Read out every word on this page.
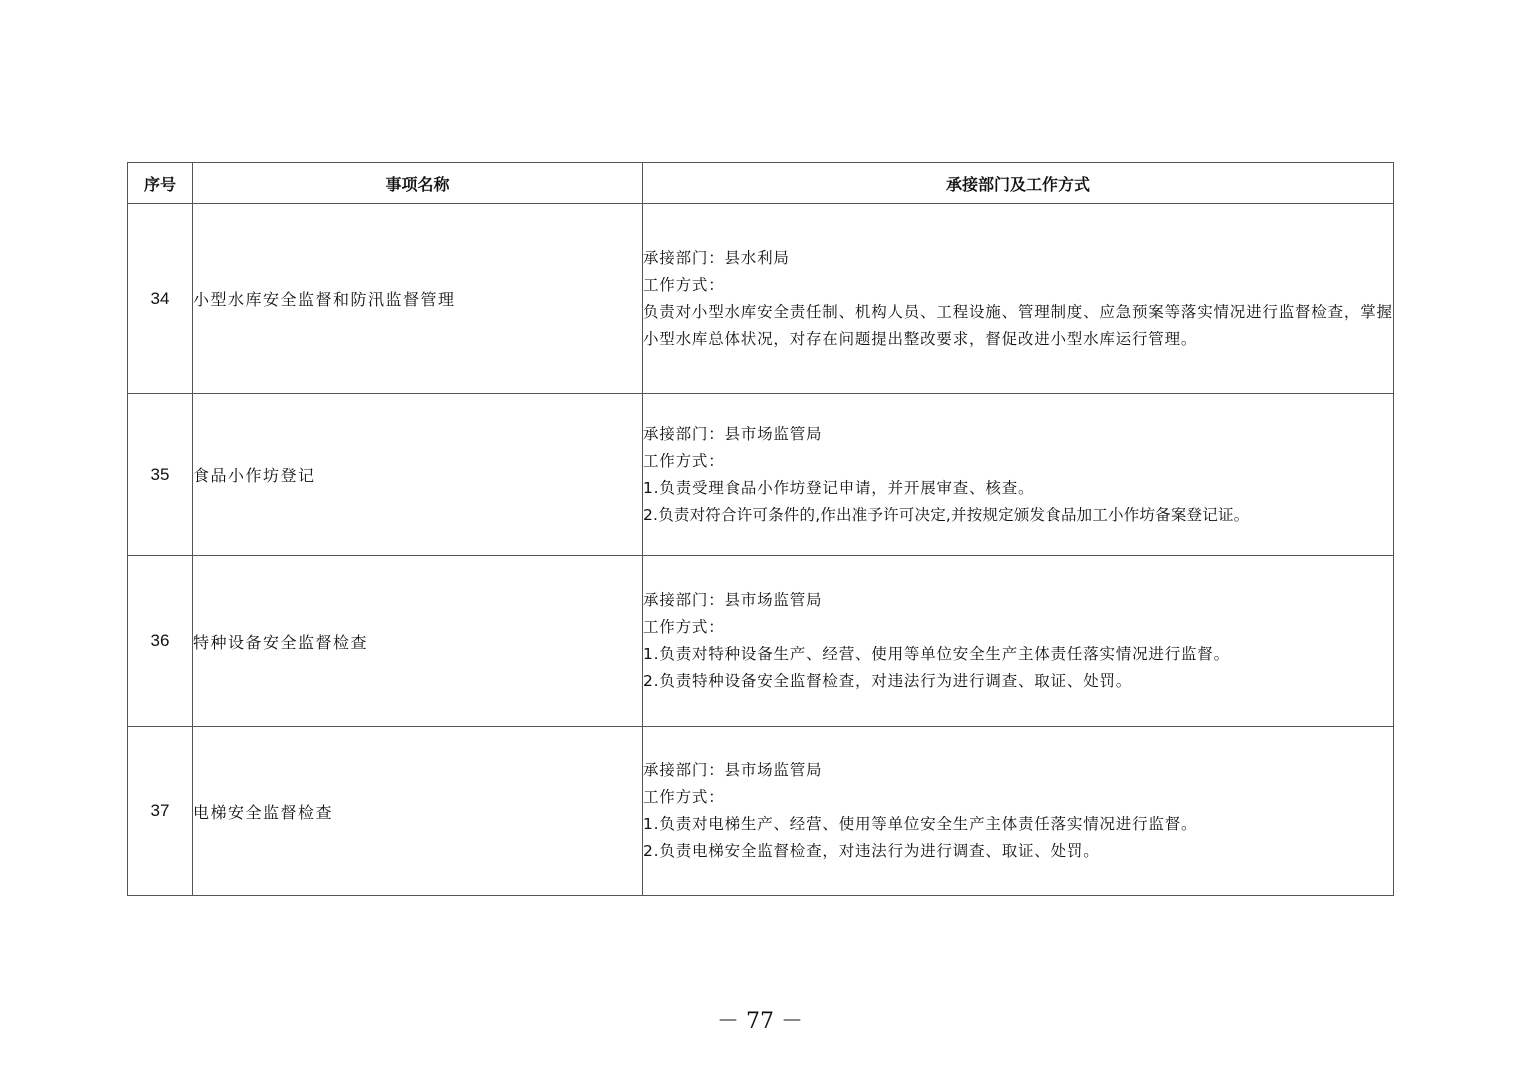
序号	事项名称	承接部门及工作方式
34	小型水库安全监督和防汛监督管理	承接部门：县水利局
工作方式：
负责对小型水库安全责任制、机构人员、工程设施、管理制度、应急预案等落实情况进行监督检查，掌握小型水库总体状况，对存在问题提出整改要求，督促改进小型水库运行管理。

35	食品小作坊登记	承接部门：县市场监管局
工作方式：
1.负责受理食品小作坊登记申请，并开展审查、核查。
2.负责对符合许可条件的,作出准予许可决定,并按规定颁发食品加工小作坊备案登记证。

36	特种设备安全监督检查	承接部门：县市场监管局
工作方式：
1.负责对特种设备生产、经营、使用等单位安全生产主体责任落实情况进行监督。
2.负责特种设备安全监督检查，对违法行为进行调查、取证、处罚。

37	电梯安全监督检查	承接部门：县市场监管局
工作方式：
1.负责对电梯生产、经营、使用等单位安全生产主体责任落实情况进行监督。
2.负责电梯安全监督检查，对违法行为进行调查、取证、处罚。
－ 77 －
